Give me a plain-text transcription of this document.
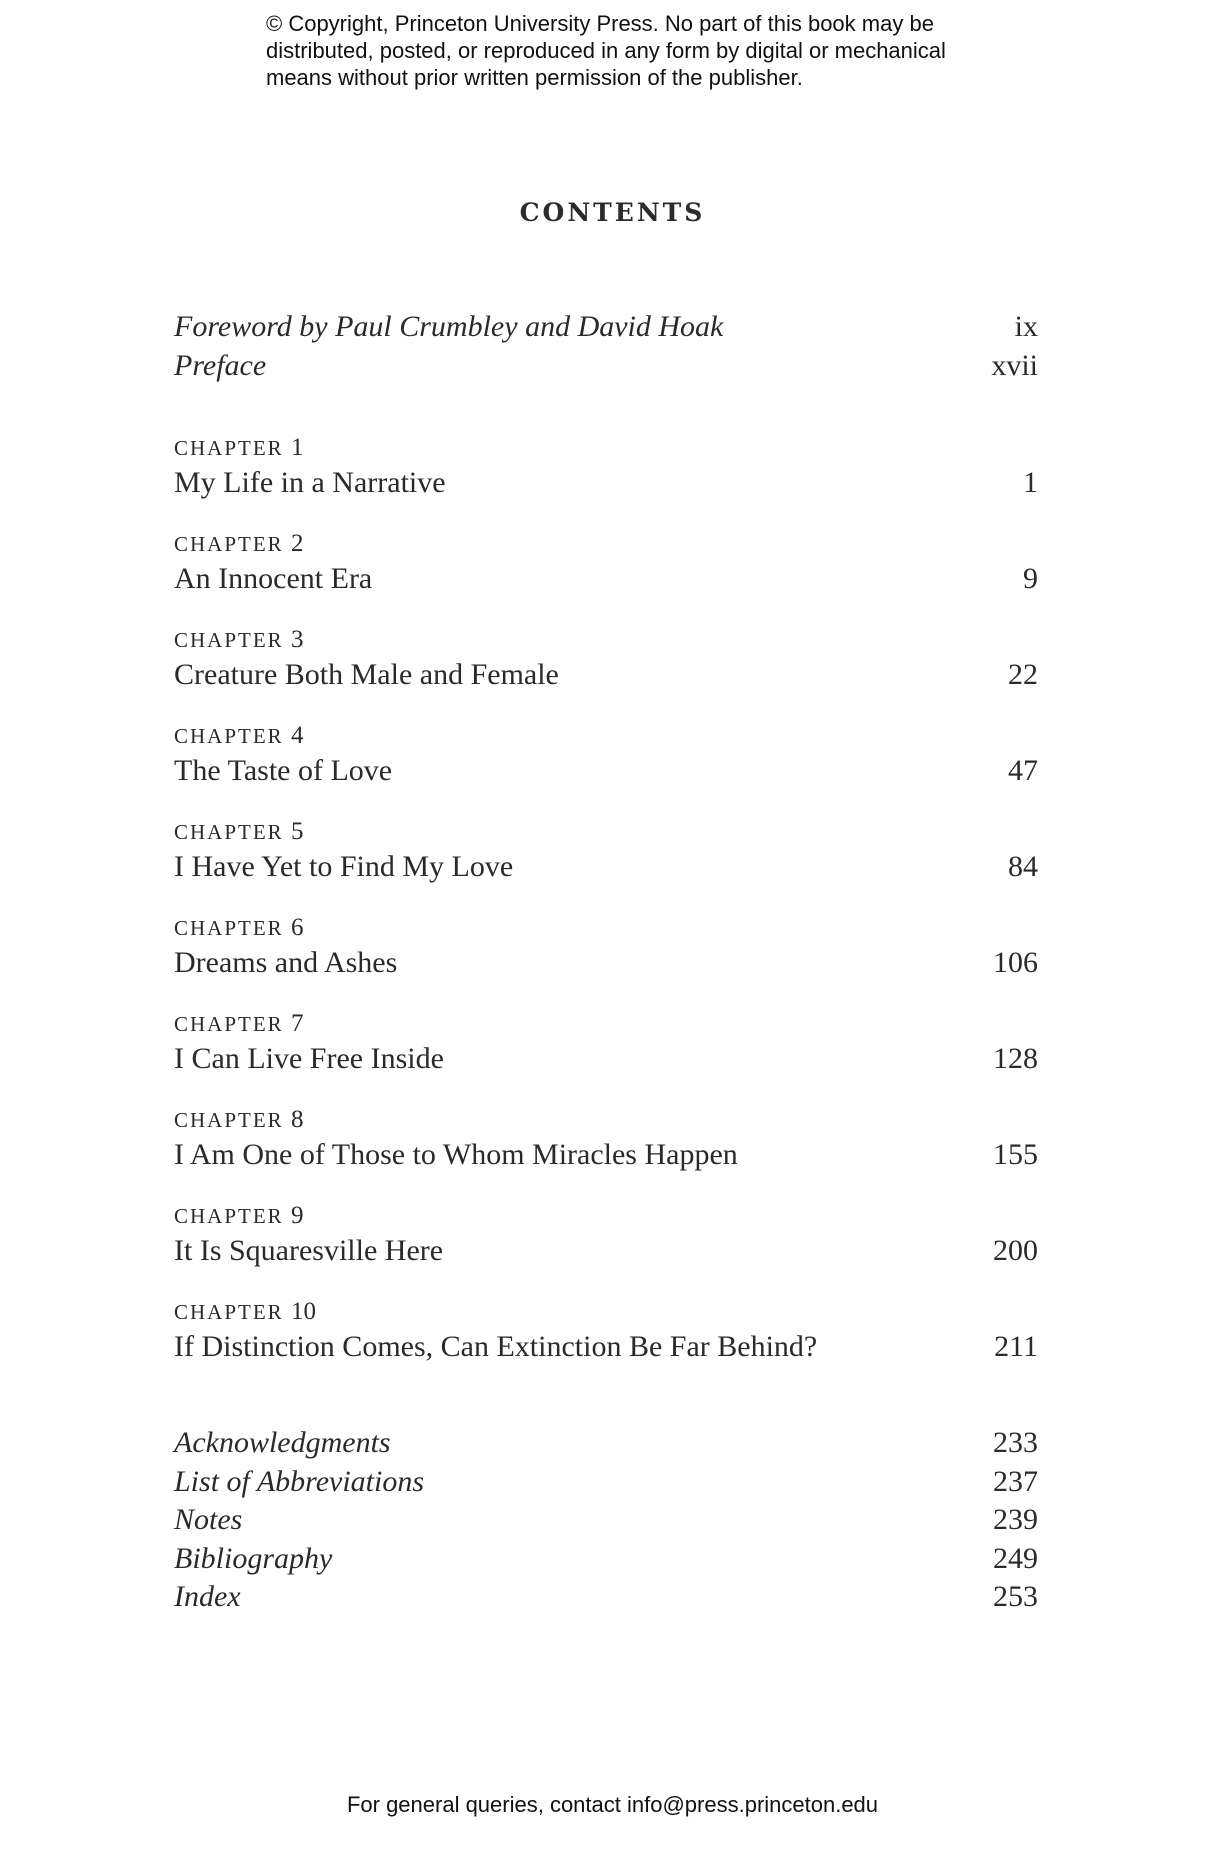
© Copyright, Princeton University Press. No part of this book may be
distributed, posted, or reproduced in any form by digital or mechanical
means without prior written permission of the publisher.
CONTENTS
Foreword by Paul Crumbley and David Hoak	ix
Preface	xvii
CHAPTER 1
My Life in a Narrative	1
CHAPTER 2
An Innocent Era	9
CHAPTER 3
Creature Both Male and Female	22
CHAPTER 4
The Taste of Love	47
CHAPTER 5
I Have Yet to Find My Love	84
CHAPTER 6
Dreams and Ashes	106
CHAPTER 7
I Can Live Free Inside	128
CHAPTER 8
I Am One of Those to Whom Miracles Happen	155
CHAPTER 9
It Is Squaresville Here	200
CHAPTER 10
If Distinction Comes, Can Extinction Be Far Behind?	211
Acknowledgments	233
List of Abbreviations	237
Notes	239
Bibliography	249
Index	253
For general queries, contact info@press.princeton.edu
